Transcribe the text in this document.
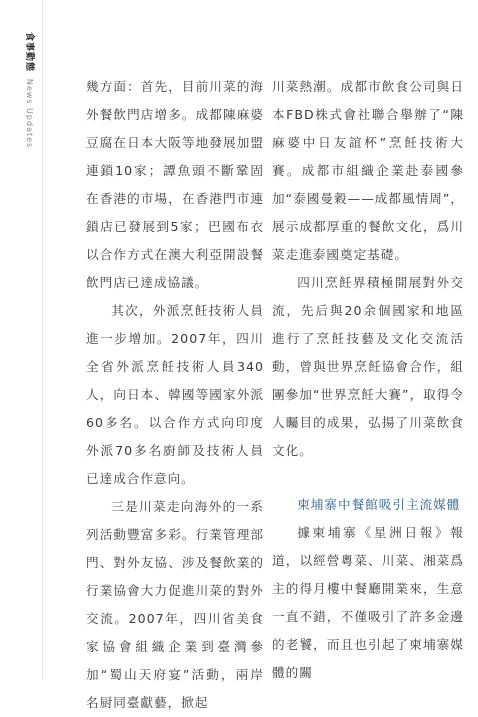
食事動態 News Updates	幾方面：首先，目前川菜的海外餐飲門店增多。成都陳麻婆豆腐在日本大阪等地發展加盟連鎖10家；譚魚頭不斷鞏固在香港的市場，在香港門市連鎖店已發展到5家；巴國布衣以合作方式在澳大利亞開設餐飲門店已達成協議。

其次，外派烹飪技術人員進一步增加。2007年，四川全省外派烹飪技術人員340人，向日本、韓國等國家外派60多名。以合作方式向印度外派70多名廚師及技術人員已達成合作意向。

三是川菜走向海外的一系列活動豐富多彩。行業管理部門、對外友協、涉及餐飲業的行業協會大力促進川菜的對外交流。2007年，四川省美食家協會組織企業到臺灣參加“蜀山天府宴”活動，兩岸名厨同臺獻藝，掀起

川菜熱潮。成都市飲食公司與日本FBD株式會社聯合舉辦了“陳麻婆中日友誼杯”烹飪技術大賽。成都市組織企業赴泰國參加“泰國曼穀——成都風情周”，展示成都厚重的餐飲文化，爲川菜走進泰國奠定基礎。

四川烹飪界積極開展對外交流，先后與20余個國家和地區進行了烹飪技藝及文化交流活動，曾與世界烹飪協會合作，組團參加“世界烹飪大賽”，取得令人矚目的成果，弘揚了川菜飲食文化。

柬埔寨中餐館吸引主流媒體

據柬埔寨《星洲日報》報道，以經營粵菜、川菜、湘菜爲主的得月樓中餐廳開業來，生意一直不錯，不僅吸引了許多金邊的老饕，而且也引起了柬埔寨媒體的關
